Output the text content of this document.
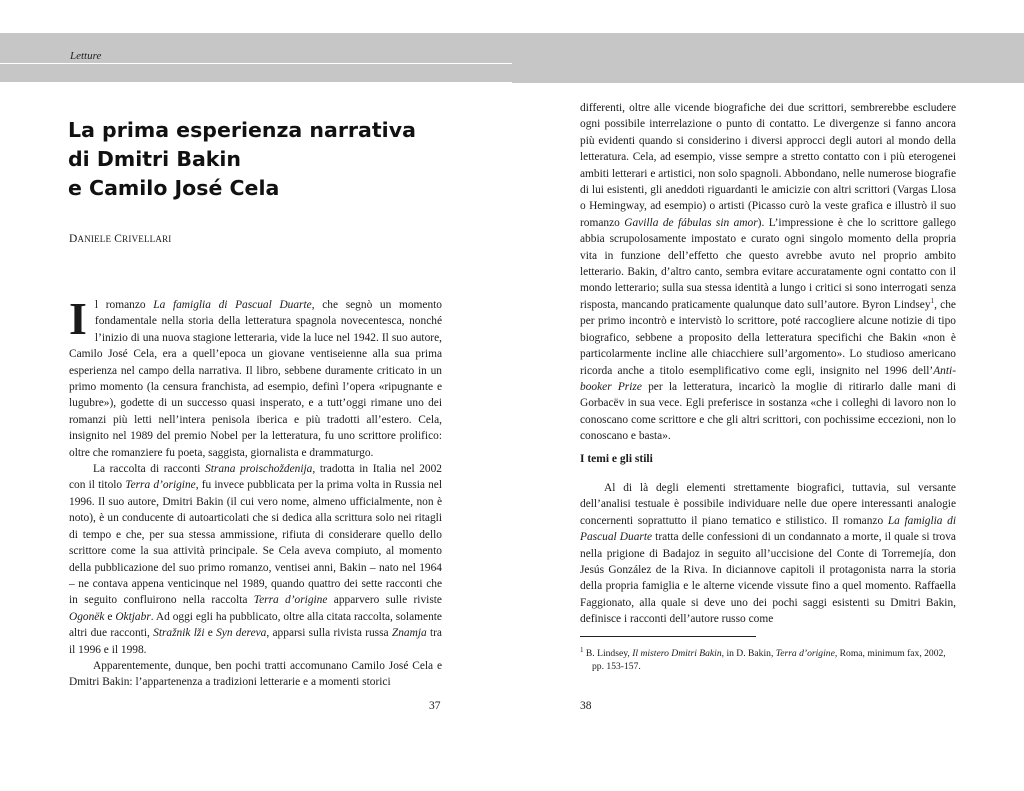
Letture
La prima esperienza narrativa
di Dmitri Bakin
e Camilo José Cela
DANIELE CRIVELLARI

Il romanzo La famiglia di Pascual Duarte, che segnò un momento fondamentale nella storia della letteratura spagnola novecentesca, nonché l’inizio di una nuova stagione letteraria, vide la luce nel 1942. Il suo autore, Camilo José Cela, era a quell’epoca un giovane ventiseienne alla sua prima esperienza nel campo della narrativa. Il libro, sebbene duramente criticato in un primo momento (la censura franchista, ad esempio, definì l’opera «ripugnante e lugubre»), godette di un successo quasi insperato, e a tutt’oggi rimane uno dei romanzi più letti nell’intera penisola iberica e più tradotti all’estero. Cela, insignito nel 1989 del premio Nobel per la letteratura, fu uno scrittore prolifico: oltre che romanziere fu poeta, saggista, giornalista e drammaturgo.

La raccolta di racconti Strana proischoždenija, tradotta in Italia nel 2002 con il titolo Terra d’origine, fu invece pubblicata per la prima volta in Russia nel 1996. Il suo autore, Dmitri Bakin (il cui vero nome, almeno ufficialmente, non è noto), è un conducente di autoarticolati che si dedica alla scrittura solo nei ritagli di tempo e che, per sua stessa ammissione, rifiuta di considerare quello dello scrittore come la sua attività principale. Se Cela aveva compiuto, al momento della pubblicazione del suo primo romanzo, ventisei anni, Bakin – nato nel 1964 – ne contava appena venticinque nel 1989, quando quattro dei sette racconti che in seguito confluirono nella raccolta Terra d’origine apparvero sulle riviste Ogonëk e Oktjabr. Ad oggi egli ha pubblicato, oltre alla citata raccolta, solamente altri due racconti, Stražnik lži e Syn dereva, apparsi sulla rivista russa Znamja tra il 1996 e il 1998.

Apparentemente, dunque, ben pochi tratti accomunano Camilo José Cela e Dmitri Bakin: l’appartenenza a tradizioni letterarie e a momenti storici

37

differenti, oltre alle vicende biografiche dei due scrittori, sembrerebbe escludere ogni possibile interrelazione o punto di contatto. Le divergenze si fanno ancora più evidenti quando si considerino i diversi approcci degli autori al mondo della letteratura. Cela, ad esempio, visse sempre a stretto contatto con i più eterogenei ambiti letterari e artistici, non solo spagnoli. Abbondano, nelle numerose biografie di lui esistenti, gli aneddoti riguardanti le amicizie con altri scrittori (Vargas Llosa o Hemingway, ad esempio) o artisti (Picasso curò la veste grafica e illustrò il suo romanzo Gavilla de fábulas sin amor). L’impressione è che lo scrittore gallego abbia scrupolosamente impostato e curato ogni singolo momento della propria vita in funzione dell’effetto che questo avrebbe avuto nel proprio ambito letterario. Bakin, d’altro canto, sembra evitare accuratamente ogni contatto con il mondo letterario; sulla sua stessa identità a lungo i critici si sono interrogati senza risposta, mancando praticamente qualunque dato sull’autore. Byron Lindsey$^1$, che per primo incontrò e intervistò lo scrittore, poté raccogliere alcune notizie di tipo biografico, sebbene a proposito della letteratura specifichi che Bakin «non è particolarmente incline alle chiacchiere sull’argomento». Lo studioso americano ricorda anche a titolo esemplificativo come egli, insignito nel 1996 dell’Anti-booker Prize per la letteratura, incaricò la moglie di ritirarlo dalle mani di Gorbacëv in sua vece. Egli preferisce in sostanza «che i colleghi di lavoro non lo conoscano come scrittore e che gli altri scrittori, con pochissime eccezioni, non lo conoscano e basta».

I temi e gli stili

Al di là degli elementi strettamente biografici, tuttavia, sul versante dell’analisi testuale è possibile individuare nelle due opere interessanti analogie concernenti soprattutto il piano tematico e stilistico. Il romanzo La famiglia di Pascual Duarte tratta delle confessioni di un condannato a morte, il quale si trova nella prigione di Badajoz in seguito all’uccisione del Conte di Torremejía, don Jesús González de la Riva. In diciannove capitoli il protagonista narra la storia della propria famiglia e le alterne vicende vissute fino a quel momento. Raffaella Faggionato, alla quale si deve uno dei pochi saggi esistenti su Dmitri Bakin, definisce i racconti dell’autore russo come

$^1$ B. Lindsey, Il mistero Dmitri Bakin, in D. Bakin, Terra d’origine, Roma, minimum fax, 2002,
pp. 153-157.
38
